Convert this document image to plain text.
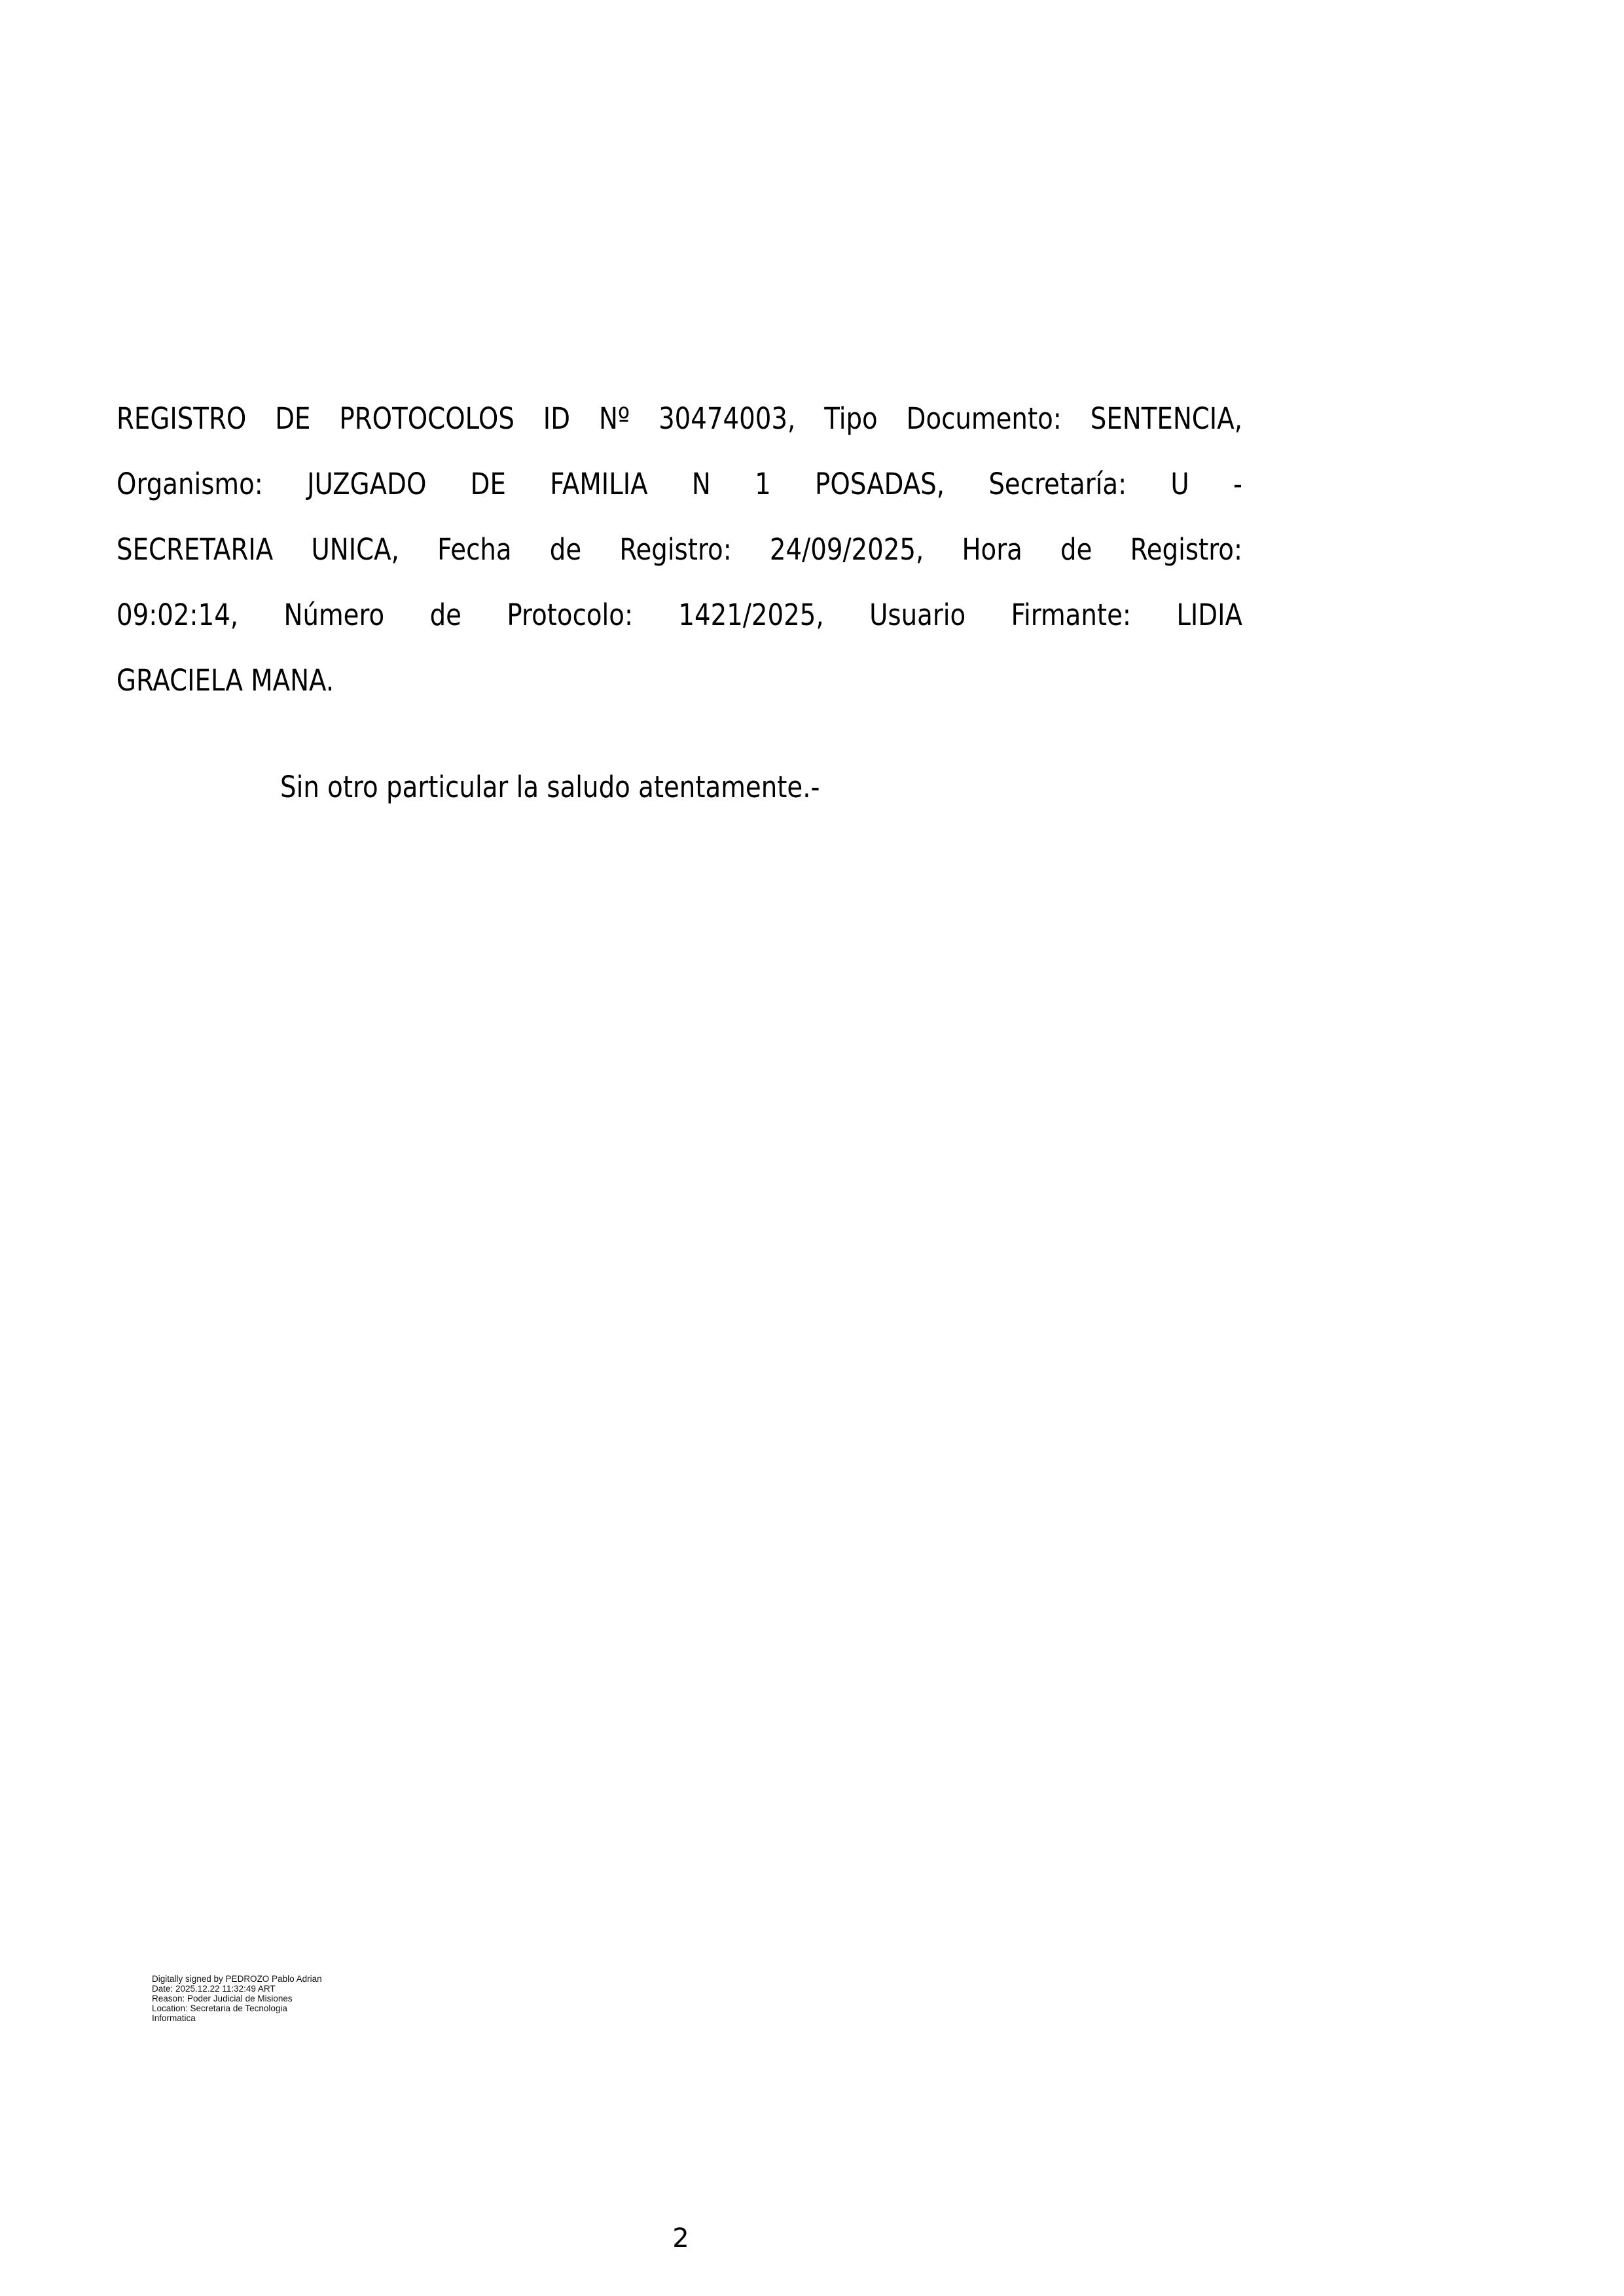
REGISTRO DE PROTOCOLOS ID Nº 30474003, Tipo Documento: SENTENCIA,
Organismo: JUZGADO DE FAMILIA N 1 POSADAS, Secretaría: U -
SECRETARIA UNICA, Fecha de Registro: 24/09/2025, Hora de Registro:
09:02:14, Número de Protocolo: 1421/2025, Usuario Firmante: LIDIA
GRACIELA MANA.
Sin otro particular la saludo atentamente.-
Digitally signed by PEDROZO Pablo Adrian
Date: 2025.12.22 11:32:49 ART
Reason: Poder Judicial de Misiones
Location: Secretaria de Tecnologia
Informatica
2
